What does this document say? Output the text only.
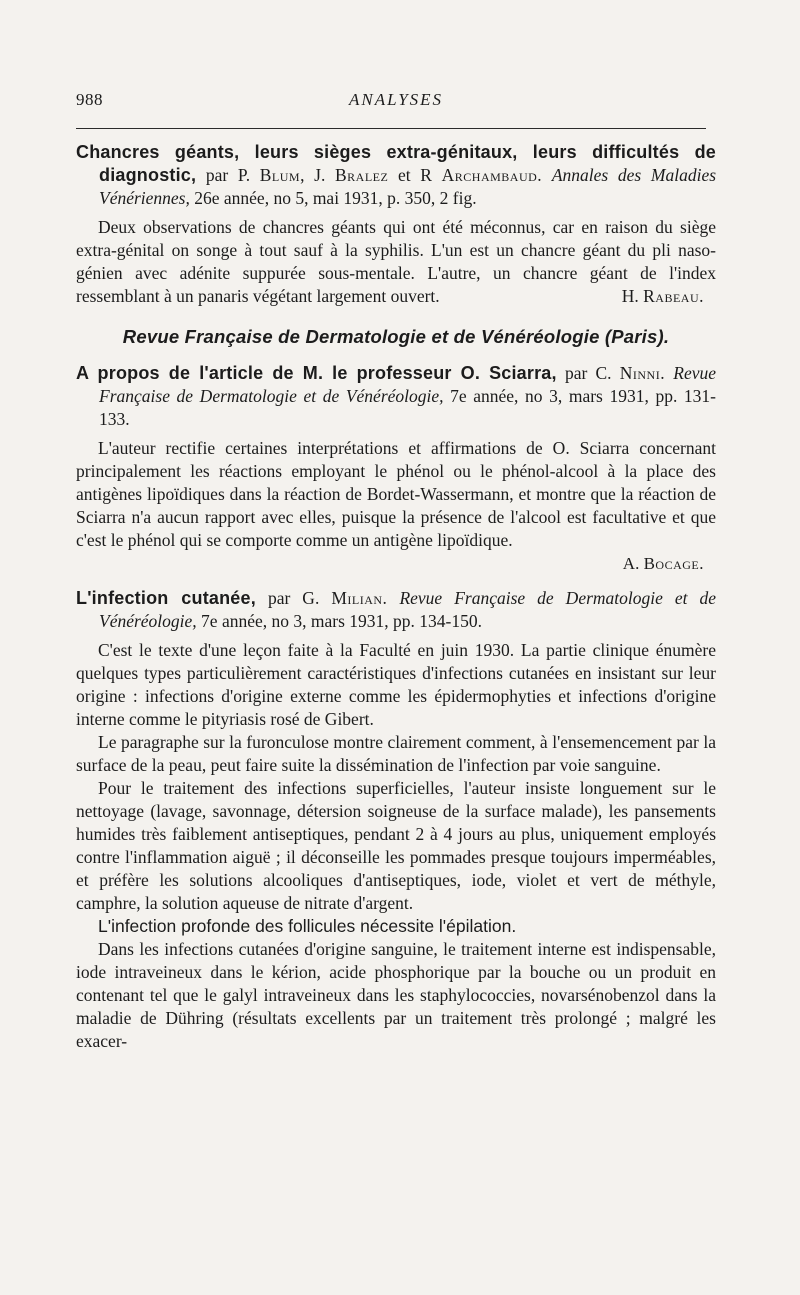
988	ANALYSES

Chancres géants, leurs sièges extra-génitaux, leurs difficultés de diagnostic, par P. Blum, J. Bralez et R Archambaud. Annales des Maladies Vénériennes, 26e année, no 5, mai 1931, p. 350, 2 fig.

Deux observations de chancres géants qui ont été méconnus, car en raison du siège extra-génital on songe à tout sauf à la syphilis. L'un est un chancre géant du pli naso-génien avec adénite suppurée sous-mentale. L'autre, un chancre géant de l'index ressemblant à un panaris végétant largement ouvert.	H. Rabeau.

Revue Française de Dermatologie et de Vénéréologie (Paris).

A propos de l'article de M. le professeur O. Sciarra, par C. Ninni. Revue Française de Dermatologie et de Vénéréologie, 7e année, no 3, mars 1931, pp. 131-133.

L'auteur rectifie certaines interprétations et affirmations de O. Sciarra concernant principalement les réactions employant le phénol ou le phénol-alcool à la place des antigènes lipoïdiques dans la réaction de Bordet-Wassermann, et montre que la réaction de Sciarra n'a aucun rapport avec elles, puisque la présence de l'alcool est facultative et que c'est le phénol qui se comporte comme un antigène lipoïdique.

A. Bocage.

L'infection cutanée, par G. Milian. Revue Française de Dermatologie et de Vénéréologie, 7e année, no 3, mars 1931, pp. 134-150.

C'est le texte d'une leçon faite à la Faculté en juin 1930. La partie clinique énumère quelques types particulièrement caractéristiques d'infections cutanées en insistant sur leur origine : infections d'origine externe comme les épidermophyties et infections d'origine interne comme le pityriasis rosé de Gibert.

Le paragraphe sur la furonculose montre clairement comment, à l'ensemencement par la surface de la peau, peut faire suite la dissémination de l'infection par voie sanguine.

Pour le traitement des infections superficielles, l'auteur insiste longuement sur le nettoyage (lavage, savonnage, détersion soigneuse de la surface malade), les pansements humides très faiblement antiseptiques, pendant 2 à 4 jours au plus, uniquement employés contre l'inflammation aiguë ; il déconseille les pommades presque toujours imperméables, et préfère les solutions alcooliques d'antiseptiques, iode, violet et vert de méthyle, camphre, la solution aqueuse de nitrate d'argent.

L'infection profonde des follicules nécessite l'épilation.

Dans les infections cutanées d'origine sanguine, le traitement interne est indispensable, iode intraveineux dans le kérion, acide phosphorique par la bouche ou un produit en contenant tel que le galyl intraveineux dans les staphylococcies, novarsénobenzol dans la maladie de Dühring (résultats excellents par un traitement très prolongé ; malgré les exacer-
